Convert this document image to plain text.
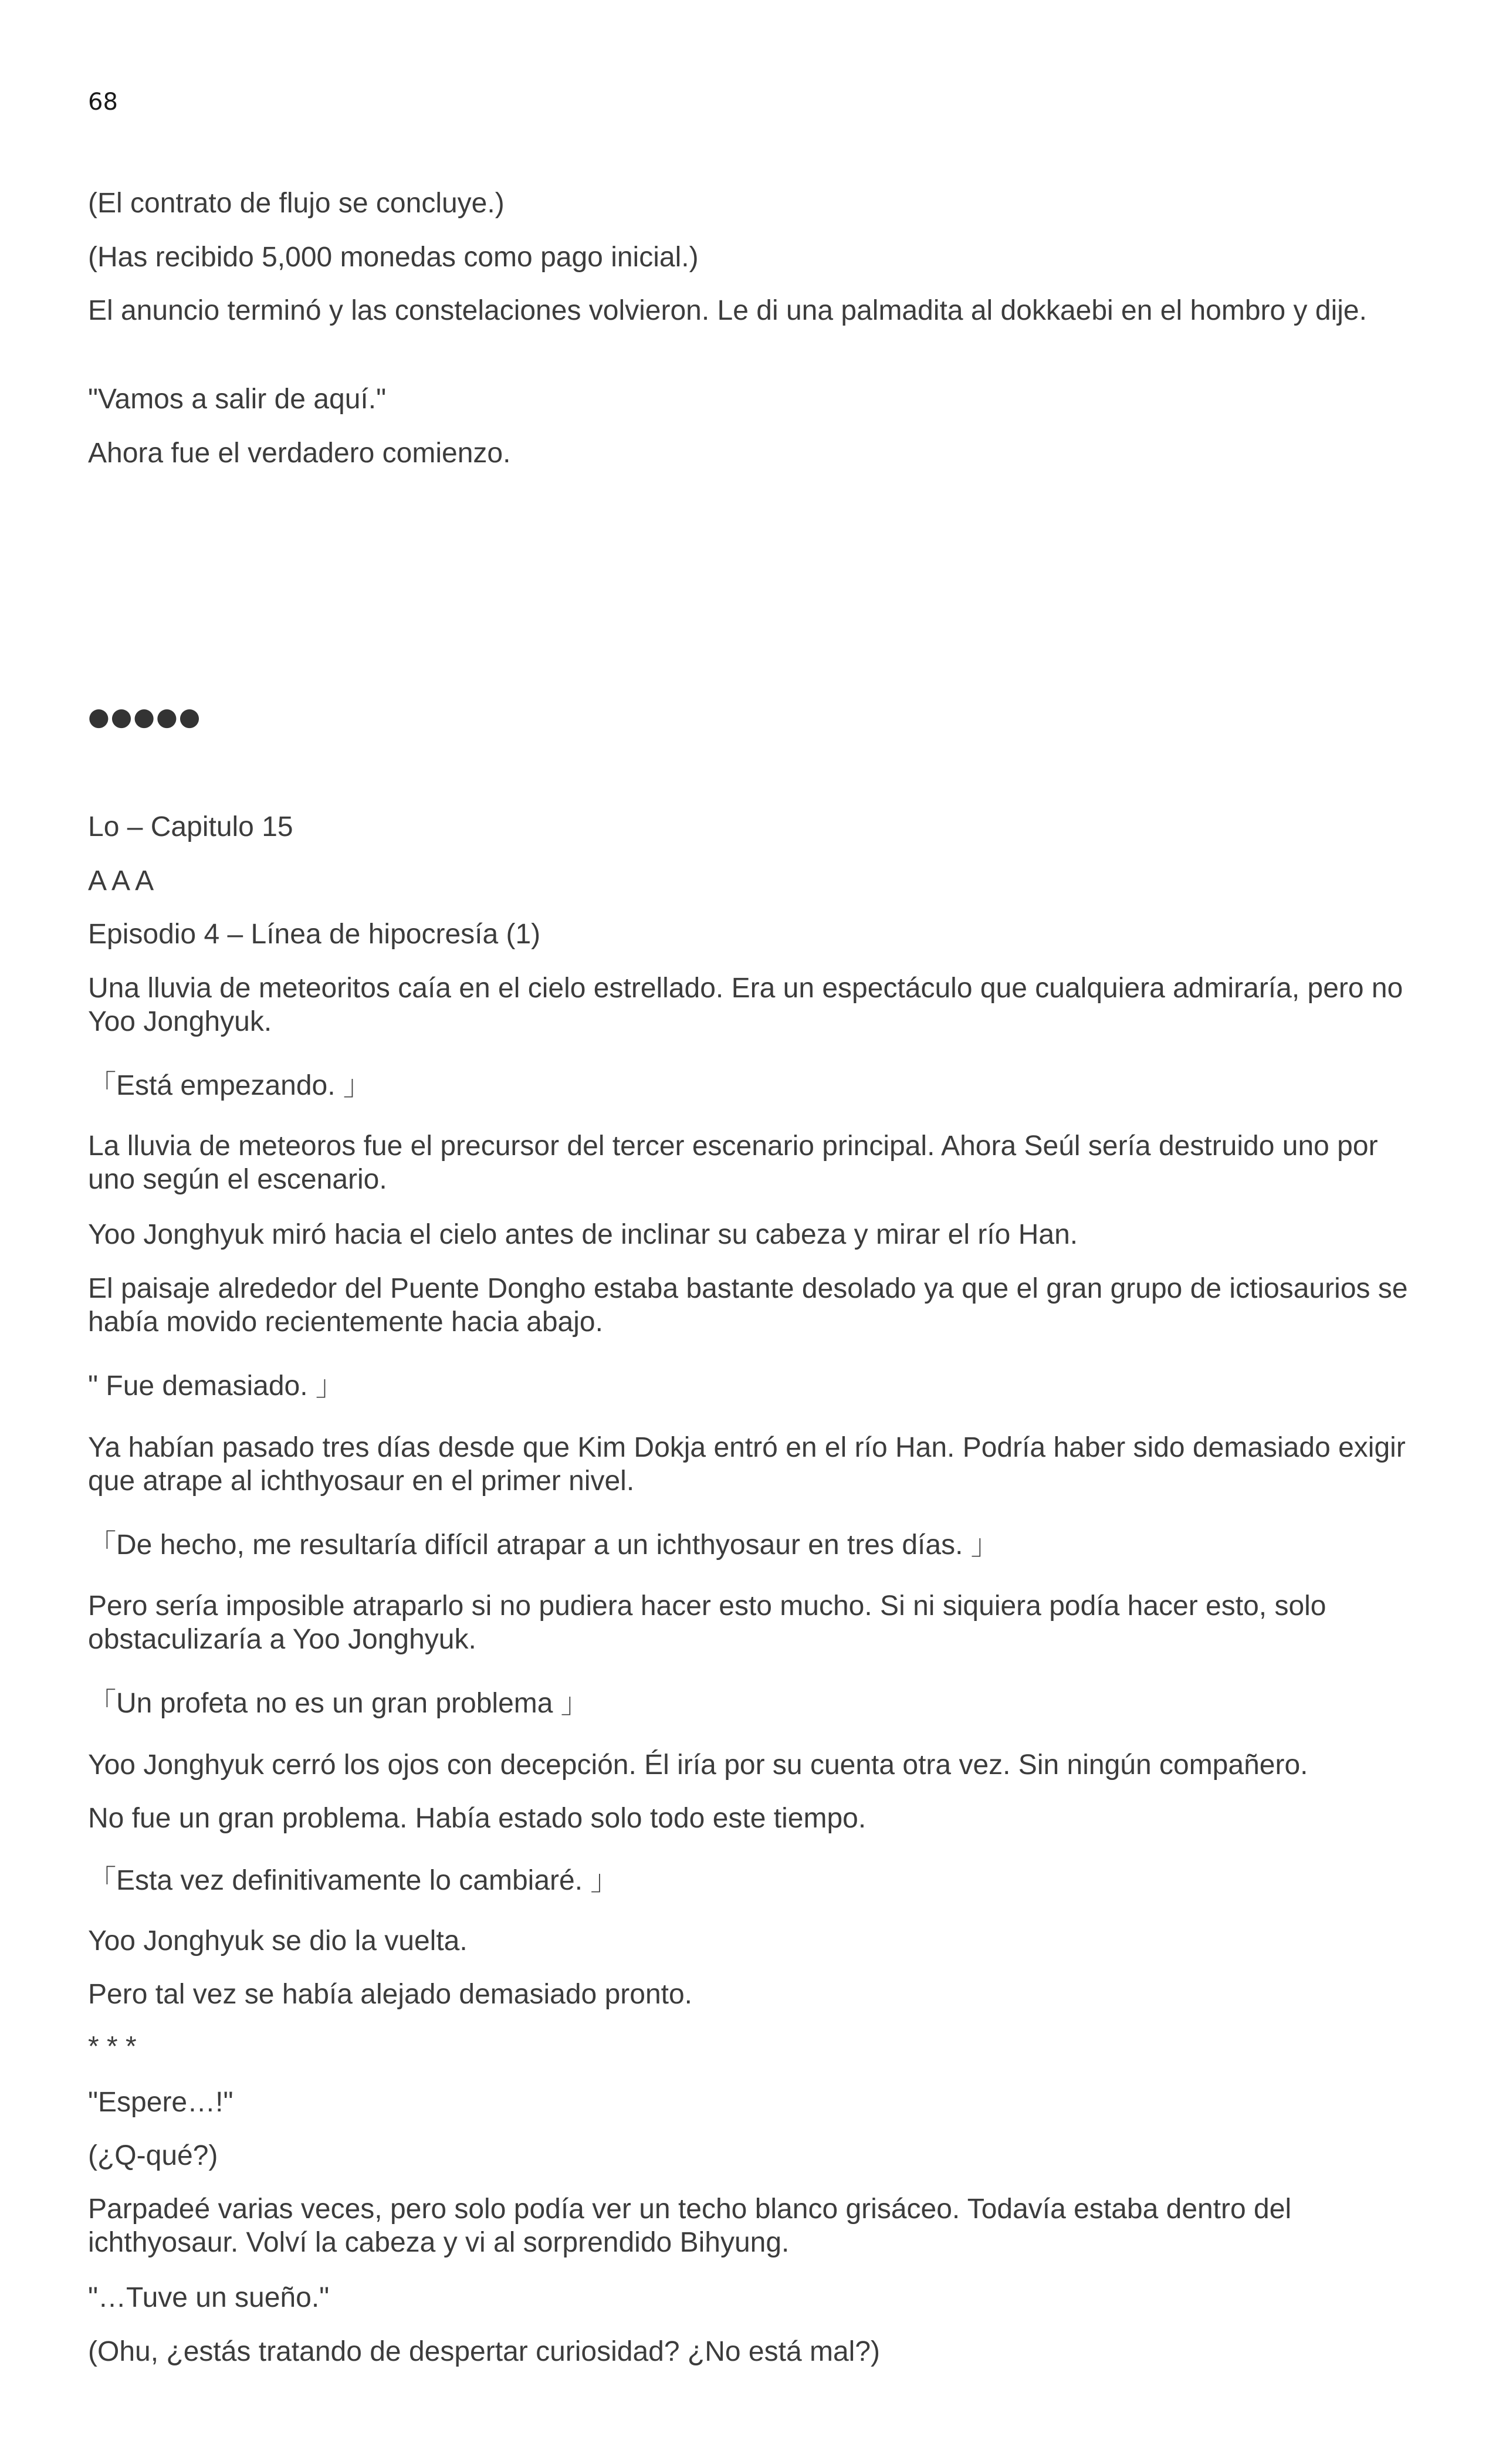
68

(El contrato de flujo se concluye.)

(Has recibido 5,000 monedas como pago inicial.)

El anuncio terminó y las constelaciones volvieron. Le di una palmadita al dokkaebi en el hombro y dije.

"Vamos a salir de aquí."

Ahora fue el verdadero comienzo.

●●●●●

Lo – Capitulo 15

A A A

Episodio 4 – Línea de hipocresía (1)

Una lluvia de meteoritos caía en el cielo estrellado. Era un espectáculo que cualquiera admiraría, pero no Yoo Jonghyuk.

「Está empezando. 」

La lluvia de meteoros fue el precursor del tercer escenario principal. Ahora Seúl sería destruido uno por uno según el escenario.

Yoo Jonghyuk miró hacia el cielo antes de inclinar su cabeza y mirar el río Han.

El paisaje alrededor del Puente Dongho estaba bastante desolado ya que el gran grupo de ictiosaurios se había movido recientemente hacia abajo.

" Fue demasiado. 」

Ya habían pasado tres días desde que Kim Dokja entró en el río Han. Podría haber sido demasiado exigir que atrape al ichthyosaur en el primer nivel.

「De hecho, me resultaría difícil atrapar a un ichthyosaur en tres días. 」

Pero sería imposible atraparlo si no pudiera hacer esto mucho. Si ni siquiera podía hacer esto, solo obstaculizaría a Yoo Jonghyuk.

「Un profeta no es un gran problema 」

Yoo Jonghyuk cerró los ojos con decepción. Él iría por su cuenta otra vez. Sin ningún compañero.

No fue un gran problema. Había estado solo todo este tiempo.

「Esta vez definitivamente lo cambiaré. 」

Yoo Jonghyuk se dio la vuelta.

Pero tal vez se había alejado demasiado pronto.

* * *

"Espere…!"

(¿Q-qué?)

Parpadeé varias veces, pero solo podía ver un techo blanco grisáceo. Todavía estaba dentro del ichthyosaur. Volví la cabeza y vi al sorprendido Bihyung.

"…Tuve un sueño."

(Ohu, ¿estás tratando de despertar curiosidad? ¿No está mal?)
